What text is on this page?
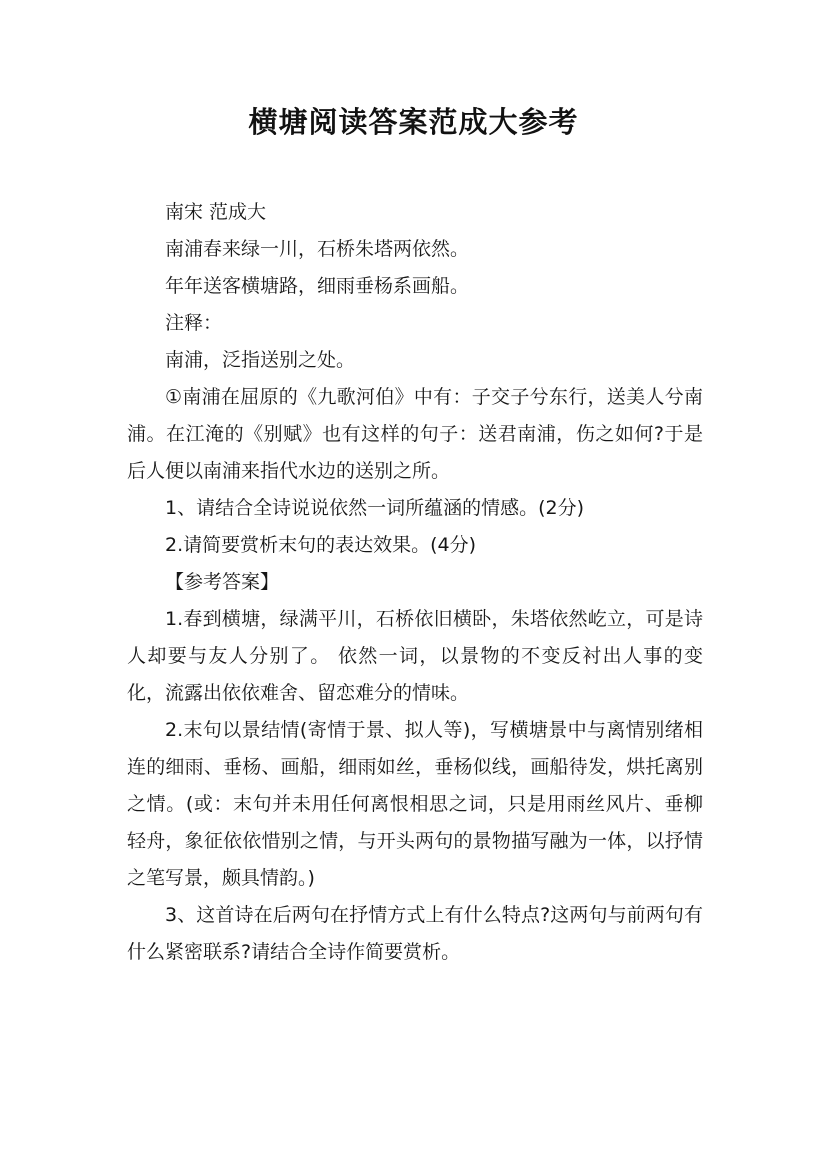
横塘阅读答案范成大参考

南宋 范成大

南浦春来绿一川，石桥朱塔两依然。

年年送客横塘路，细雨垂杨系画船。

注释：

南浦，泛指送别之处。

①南浦在屈原的《九歌河伯》中有：子交子兮东行，送美人兮南浦。在江淹的《别赋》也有这样的句子：送君南浦，伤之如何?于是后人便以南浦来指代水边的送别之所。

1、请结合全诗说说依然一词所蕴涵的情感。(2分)

2.请简要赏析末句的表达效果。(4分)

【参考答案】

1.春到横塘，绿满平川，石桥依旧横卧，朱塔依然屹立，可是诗人却要与友人分别了。 依然一词，以景物的不变反衬出人事的变化，流露出依依难舍、留恋难分的情味。

2.末句以景结情(寄情于景、拟人等)，写横塘景中与离情别绪相连的细雨、垂杨、画船，细雨如丝，垂杨似线，画船待发，烘托离别之情。(或：末句并未用任何离恨相思之词，只是用雨丝风片、垂柳轻舟，象征依依惜别之情，与开头两句的景物描写融为一体，以抒情之笔写景，颇具情韵。)

3、这首诗在后两句在抒情方式上有什么特点?这两句与前两句有什么紧密联系?请结合全诗作简要赏析。
